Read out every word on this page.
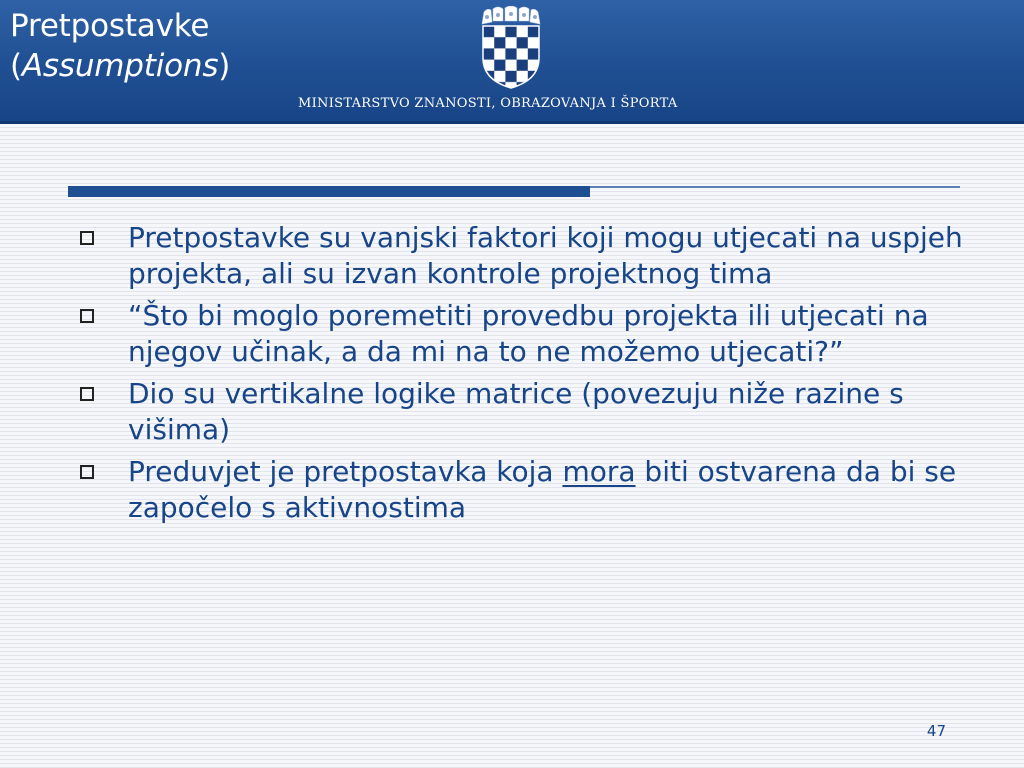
Pretpostavke
(Assumptions)
MINISTARSTVO ZNANOSTI, OBRAZOVANJA I ŠPORTA
Pretpostavke su vanjski faktori koji mogu utjecati na uspjeh projekta, ali su izvan kontrole projektnog tima
“Što bi moglo poremetiti provedbu projekta ili utjecati na njegov učinak, a da mi na to ne možemo utjecati?”
Dio su vertikalne logike matrice (povezuju niže razine s višima)
Preduvjet je pretpostavka koja mora biti ostvarena da bi se započelo s aktivnostima
47
